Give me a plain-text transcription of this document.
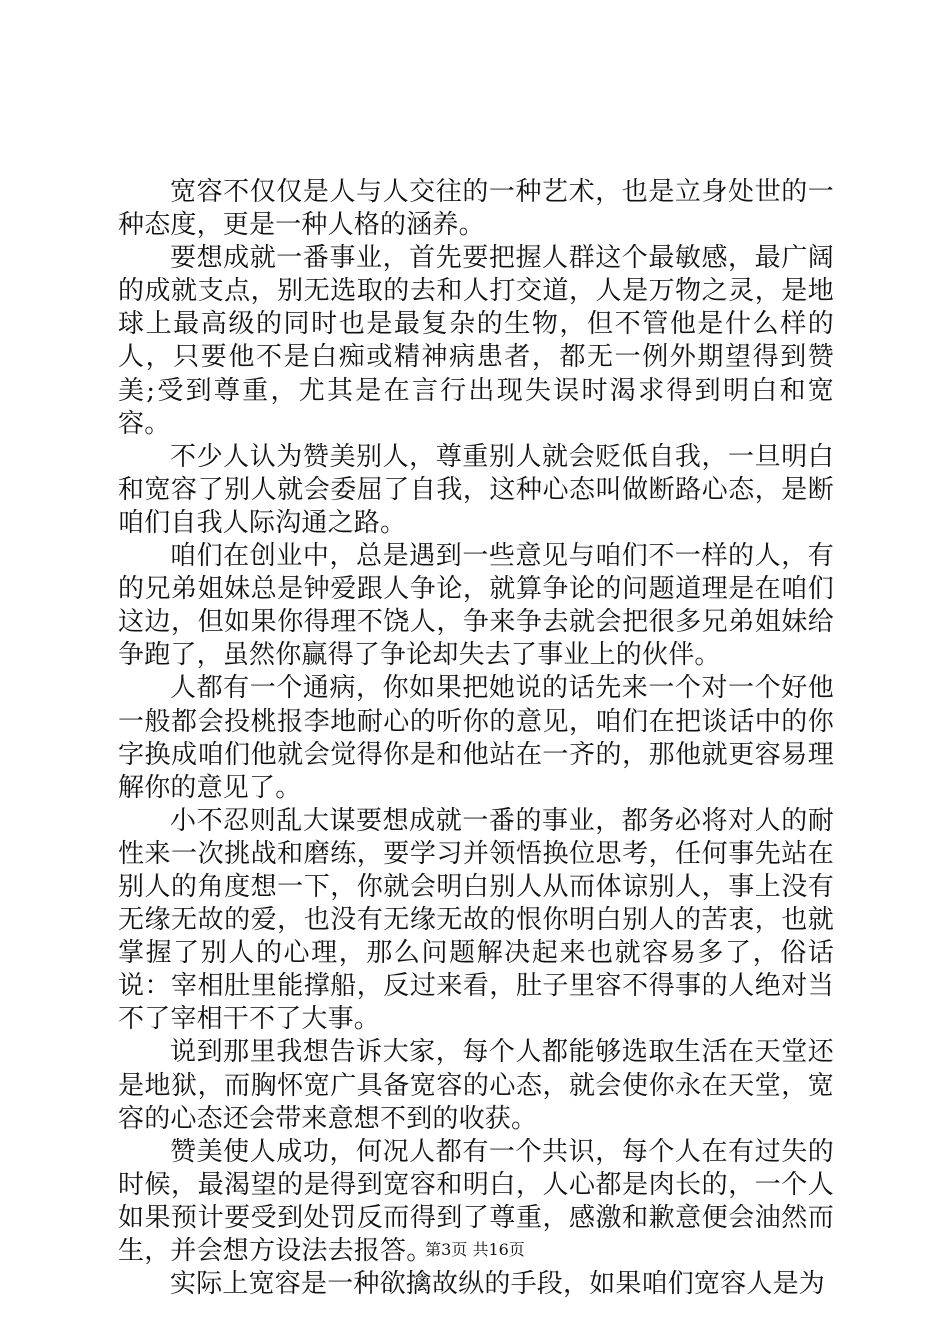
宽容不仅仅是人与人交往的一种艺术，也是立身处世的一种态度，更是一种人格的涵养。

要想成就一番事业，首先要把握人群这个最敏感，最广阔的成就支点，别无选取的去和人打交道，人是万物之灵，是地球上最高级的同时也是最复杂的生物，但不管他是什么样的人，只要他不是白痴或精神病患者，都无一例外期望得到赞美;受到尊重，尤其是在言行出现失误时渴求得到明白和宽容。

不少人认为赞美别人，尊重别人就会贬低自我，一旦明白和宽容了别人就会委屈了自我，这种心态叫做断路心态，是断咱们自我人际沟通之路。

咱们在创业中，总是遇到一些意见与咱们不一样的人，有的兄弟姐妹总是钟爱跟人争论，就算争论的问题道理是在咱们这边，但如果你得理不饶人，争来争去就会把很多兄弟姐妹给争跑了，虽然你赢得了争论却失去了事业上的伙伴。

人都有一个通病，你如果把她说的话先来一个对一个好他一般都会投桃报李地耐心的听你的意见，咱们在把谈话中的你字换成咱们他就会觉得你是和他站在一齐的，那他就更容易理解你的意见了。

小不忍则乱大谋要想成就一番的事业，都务必将对人的耐性来一次挑战和磨练，要学习并领悟换位思考，任何事先站在别人的角度想一下，你就会明白别人从而体谅别人，事上没有无缘无故的爱，也没有无缘无故的恨你明白别人的苦衷，也就掌握了别人的心理，那么问题解决起来也就容易多了，俗话说：宰相肚里能撑船，反过来看，肚子里容不得事的人绝对当不了宰相干不了大事。

说到那里我想告诉大家，每个人都能够选取生活在天堂还是地狱，而胸怀宽广具备宽容的心态，就会使你永在天堂，宽容的心态还会带来意想不到的收获。

赞美使人成功，何况人都有一个共识，每个人在有过失的时候，最渴望的是得到宽容和明白，人心都是肉长的，一个人如果预计要受到处罚反而得到了尊重，感激和歉意便会油然而生，并会想方设法去报答。

实际上宽容是一种欲擒故纵的手段，如果咱们宽容人是为

第3页 共16页
